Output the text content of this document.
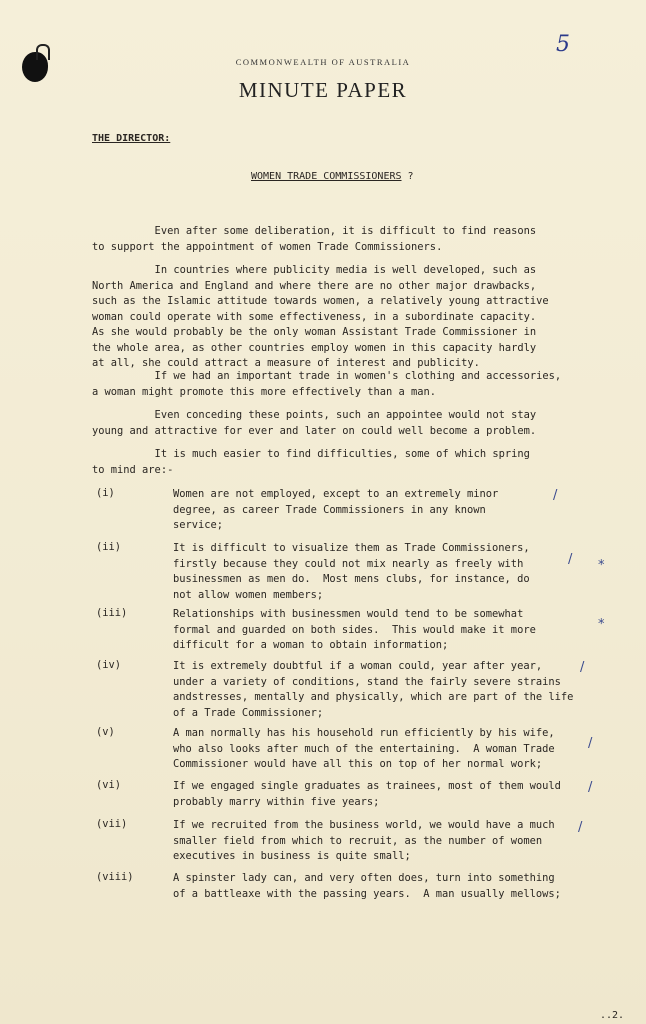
5
COMMONWEALTH OF AUSTRALIA
MINUTE PAPER
THE DIRECTOR:
WOMEN TRADE COMMISSIONERS ?
Even after some deliberation, it is difficult to find reasons
to support the appointment of women Trade Commissioners.
In countries where publicity media is well developed, such as
North America and England and where there are no other major drawbacks,
such as the Islamic attitude towards women, a relatively young attractive
woman could operate with some effectiveness, in a subordinate capacity.
As she would probably be the only woman Assistant Trade Commissioner in
the whole area, as other countries employ women in this capacity hardly
at all, she could attract a measure of interest and publicity.
If we had an important trade in women's clothing and accessories,
a woman might promote this more effectively than a man.
Even conceding these points, such an appointee would not stay
young and attractive for ever and later on could well become a problem.
It is much easier to find difficulties, some of which spring
to mind are:-
(i)	Women are not employed, except to an extremely minor
degree, as career Trade Commissioners in any known
service;
(ii)	It is difficult to visualize them as Trade Commissioners,
firstly because they could not mix nearly as freely with
businessmen as men do.  Most mens clubs, for instance, do
not allow women members;
(iii)	Relationships with businessmen would tend to be somewhat
formal and guarded on both sides.  This would make it more
difficult for a woman to obtain information;
(iv)	It is extremely doubtful if a woman could, year after year,
under a variety of conditions, stand the fairly severe strains
andstresses, mentally and physically, which are part of the life
of a Trade Commissioner;
(v)	A man normally has his household run efficiently by his wife,
who also looks after much of the entertaining.  A woman Trade
Commissioner would have all this on top of her normal work;
(vi)	If we engaged single graduates as trainees, most of them would
probably marry within five years;
(vii)	If we recruited from the business world, we would have a much
smaller field from which to recruit, as the number of women
executives in business is quite small;
(viii)	A spinster lady can, and very often does, turn into something
of a battleaxe with the passing years.  A man usually mellows;
/
/ *
*
/
/
/
/
..2.
